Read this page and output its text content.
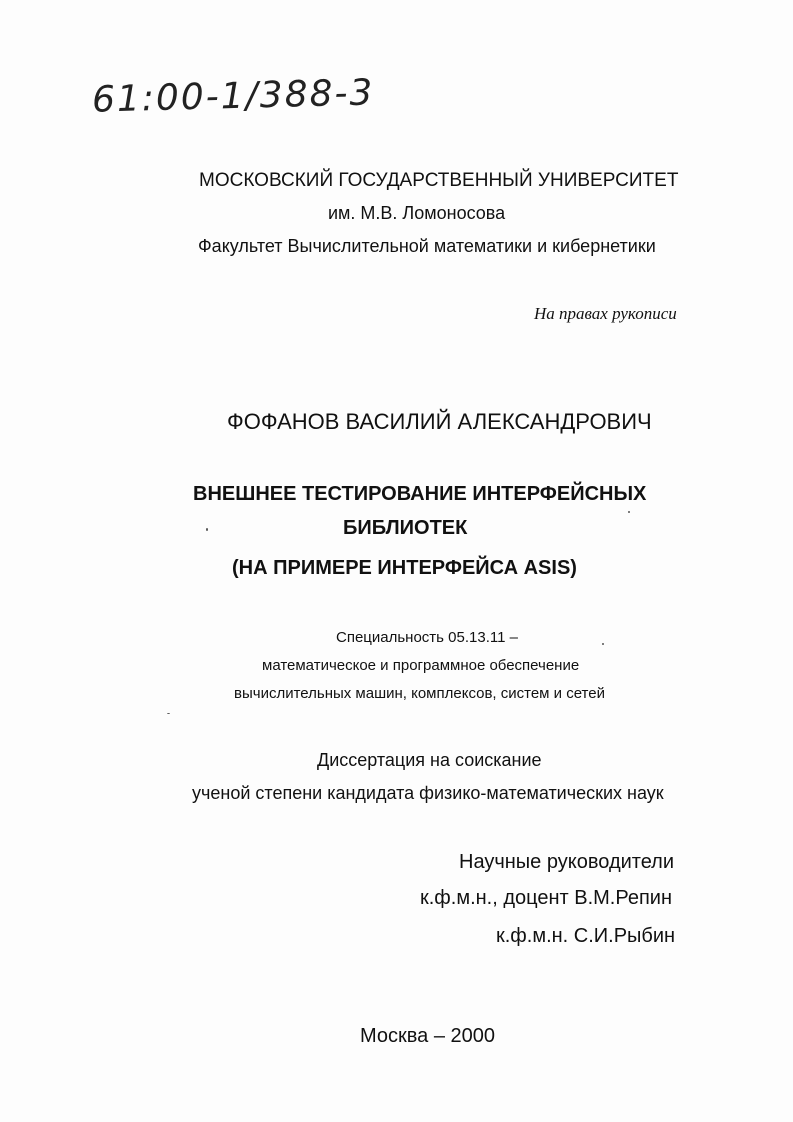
61:00-1/388-3
МОСКОВСКИЙ ГОСУДАРСТВЕННЫЙ УНИВЕРСИТЕТ
им. М.В. Ломоносова
Факультет Вычислительной математики и кибернетики
На правах рукописи
ФОФАНОВ ВАСИЛИЙ АЛЕКСАНДРОВИЧ
ВНЕШНЕЕ ТЕСТИРОВАНИЕ ИНТЕРФЕЙСНЫХ
БИБЛИОТЕК
(НА ПРИМЕРЕ ИНТЕРФЕЙСА ASIS)
Специальность 05.13.11 –
математическое и программное обеспечение
вычислительных машин, комплексов, систем и сетей
Диссертация на соискание
ученой степени кандидата физико-математических наук
Научные руководители
к.ф.м.н., доцент В.М.Репин
к.ф.м.н. С.И.Рыбин
Москва – 2000
